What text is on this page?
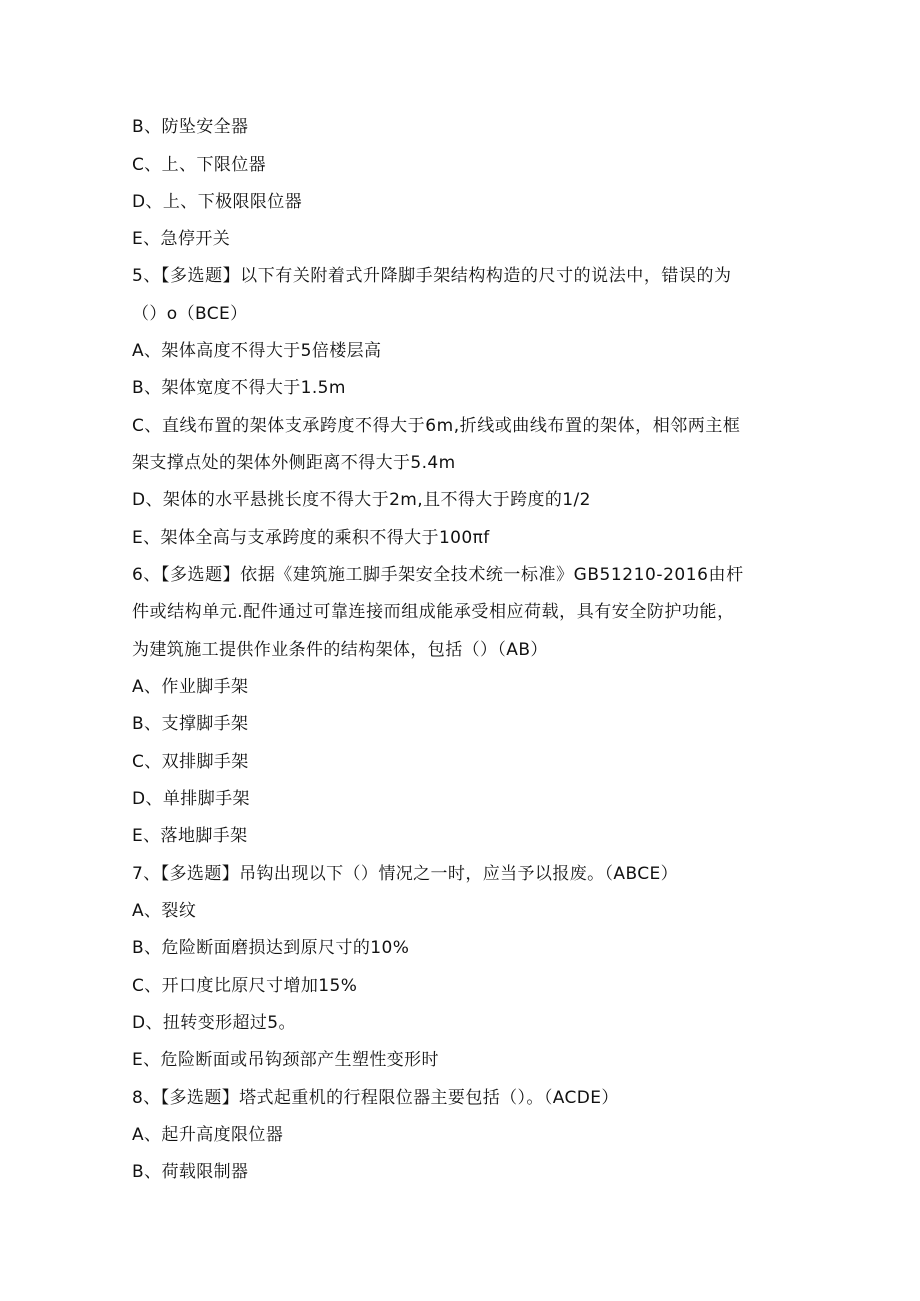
B、防坠安全器
C、上、下限位器
D、上、下极限限位器
E、急停开关
5、【多选题】以下有关附着式升降脚手架结构构造的尺寸的说法中，错误的为
（）o（BCE）
A、架体高度不得大于5倍楼层高
B、架体宽度不得大于1.5m
C、直线布置的架体支承跨度不得大于6m,折线或曲线布置的架体，相邻两主框
架支撑点处的架体外侧距离不得大于5.4m
D、架体的水平悬挑长度不得大于2m,且不得大于跨度的1/2
E、架体全高与支承跨度的乘积不得大于100πf
6、【多选题】依据《建筑施工脚手架安全技术统一标准》GB51210-2016由杆
件或结构单元.配件通过可靠连接而组成能承受相应荷载，具有安全防护功能，
为建筑施工提供作业条件的结构架体，包括（）（AB）
A、作业脚手架
B、支撑脚手架
C、双排脚手架
D、单排脚手架
E、落地脚手架
7、【多选题】吊钩出现以下（）情况之一时，应当予以报废。（ABCE）
A、裂纹
B、危险断面磨损达到原尺寸的10%
C、开口度比原尺寸增加15%
D、扭转变形超过5。
E、危险断面或吊钩颈部产生塑性变形时
8、【多选题】塔式起重机的行程限位器主要包括（）。（ACDE）
A、起升高度限位器
B、荷载限制器
